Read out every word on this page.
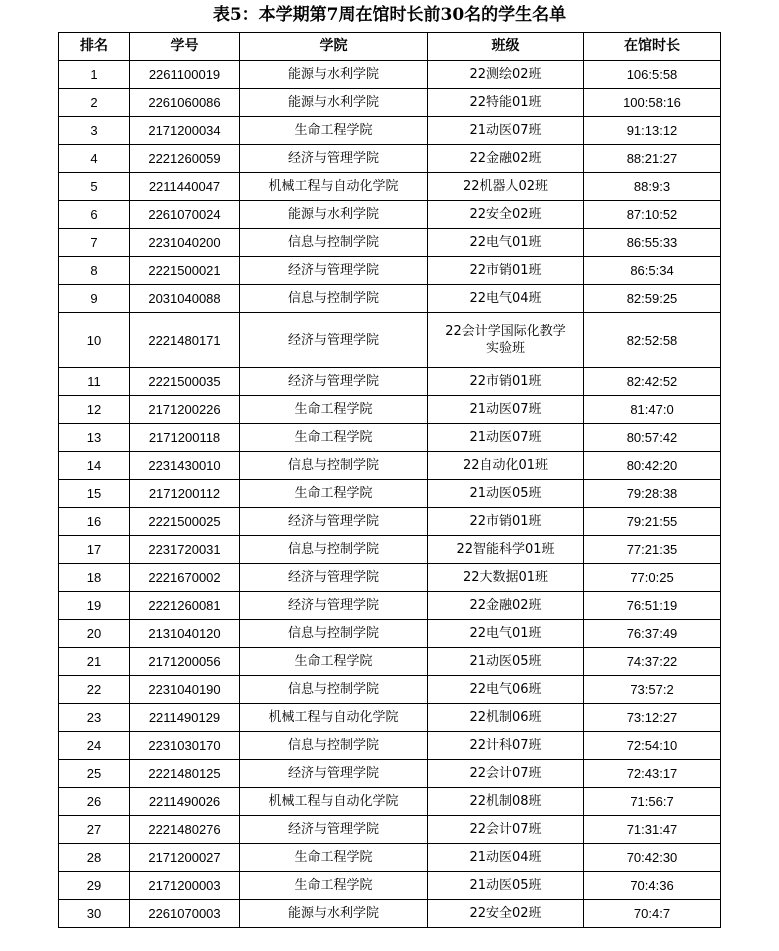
表5：本学期第7周在馆时长前30名的学生名单
排名	学号	学院	班级	在馆时长
1	2261100019	能源与水利学院	22测绘02班	106:5:58
2	2261060086	能源与水利学院	22特能01班	100:58:16
3	2171200034	生命工程学院	21动医07班	91:13:12
4	2221260059	经济与管理学院	22金融02班	88:21:27
5	2211440047	机械工程与自动化学院	22机器人02班	88:9:3
6	2261070024	能源与水利学院	22安全02班	87:10:52
7	2231040200	信息与控制学院	22电气01班	86:55:33
8	2221500021	经济与管理学院	22市销01班	86:5:34
9	2031040088	信息与控制学院	22电气04班	82:59:25
10	2221480171	经济与管理学院	22会计学国际化教学实验班	82:52:58
11	2221500035	经济与管理学院	22市销01班	82:42:52
12	2171200226	生命工程学院	21动医07班	81:47:0
13	2171200118	生命工程学院	21动医07班	80:57:42
14	2231430010	信息与控制学院	22自动化01班	80:42:20
15	2171200112	生命工程学院	21动医05班	79:28:38
16	2221500025	经济与管理学院	22市销01班	79:21:55
17	2231720031	信息与控制学院	22智能科学01班	77:21:35
18	2221670002	经济与管理学院	22大数据01班	77:0:25
19	2221260081	经济与管理学院	22金融02班	76:51:19
20	2131040120	信息与控制学院	22电气01班	76:37:49
21	2171200056	生命工程学院	21动医05班	74:37:22
22	2231040190	信息与控制学院	22电气06班	73:57:2
23	2211490129	机械工程与自动化学院	22机制06班	73:12:27
24	2231030170	信息与控制学院	22计科07班	72:54:10
25	2221480125	经济与管理学院	22会计07班	72:43:17
26	2211490026	机械工程与自动化学院	22机制08班	71:56:7
27	2221480276	经济与管理学院	22会计07班	71:31:47
28	2171200027	生命工程学院	21动医04班	70:42:30
29	2171200003	生命工程学院	21动医05班	70:4:36
30	2261070003	能源与水利学院	22安全02班	70:4:7
